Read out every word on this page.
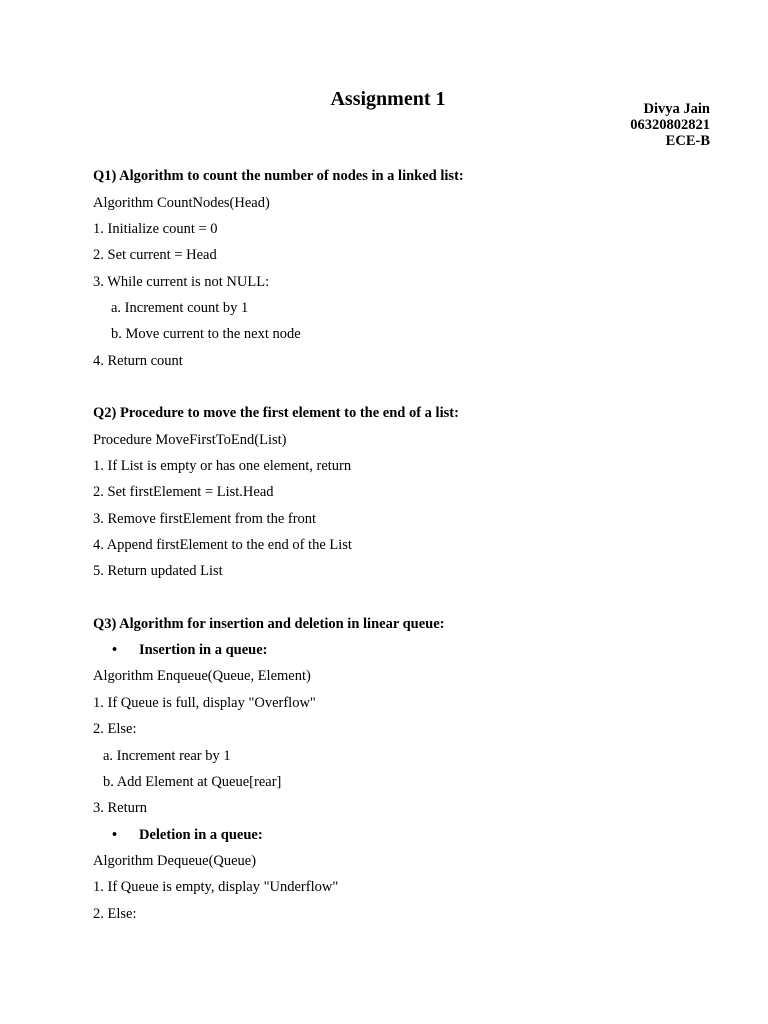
Assignment 1	Divya Jain
06320802821
ECE-B

Q1) Algorithm to count the number of nodes in a linked list:

Algorithm CountNodes(Head)

1. Initialize count = 0

2. Set current = Head

3. While current is not NULL:

a. Increment count by 1

b. Move current to the next node

4. Return count

Q2) Procedure to move the first element to the end of a list:

Procedure MoveFirstToEnd(List)

1. If List is empty or has one element, return

2. Set firstElement = List.Head

3. Remove firstElement from the front

4. Append firstElement to the end of the List

5. Return updated List

Q3) Algorithm for insertion and deletion in linear queue:

• Insertion in a queue:

Algorithm Enqueue(Queue, Element)

1. If Queue is full, display "Overflow"

2. Else:

a. Increment rear by 1

b. Add Element at Queue[rear]

3. Return

• Deletion in a queue:

Algorithm Dequeue(Queue)

1. If Queue is empty, display "Underflow"

2. Else:
